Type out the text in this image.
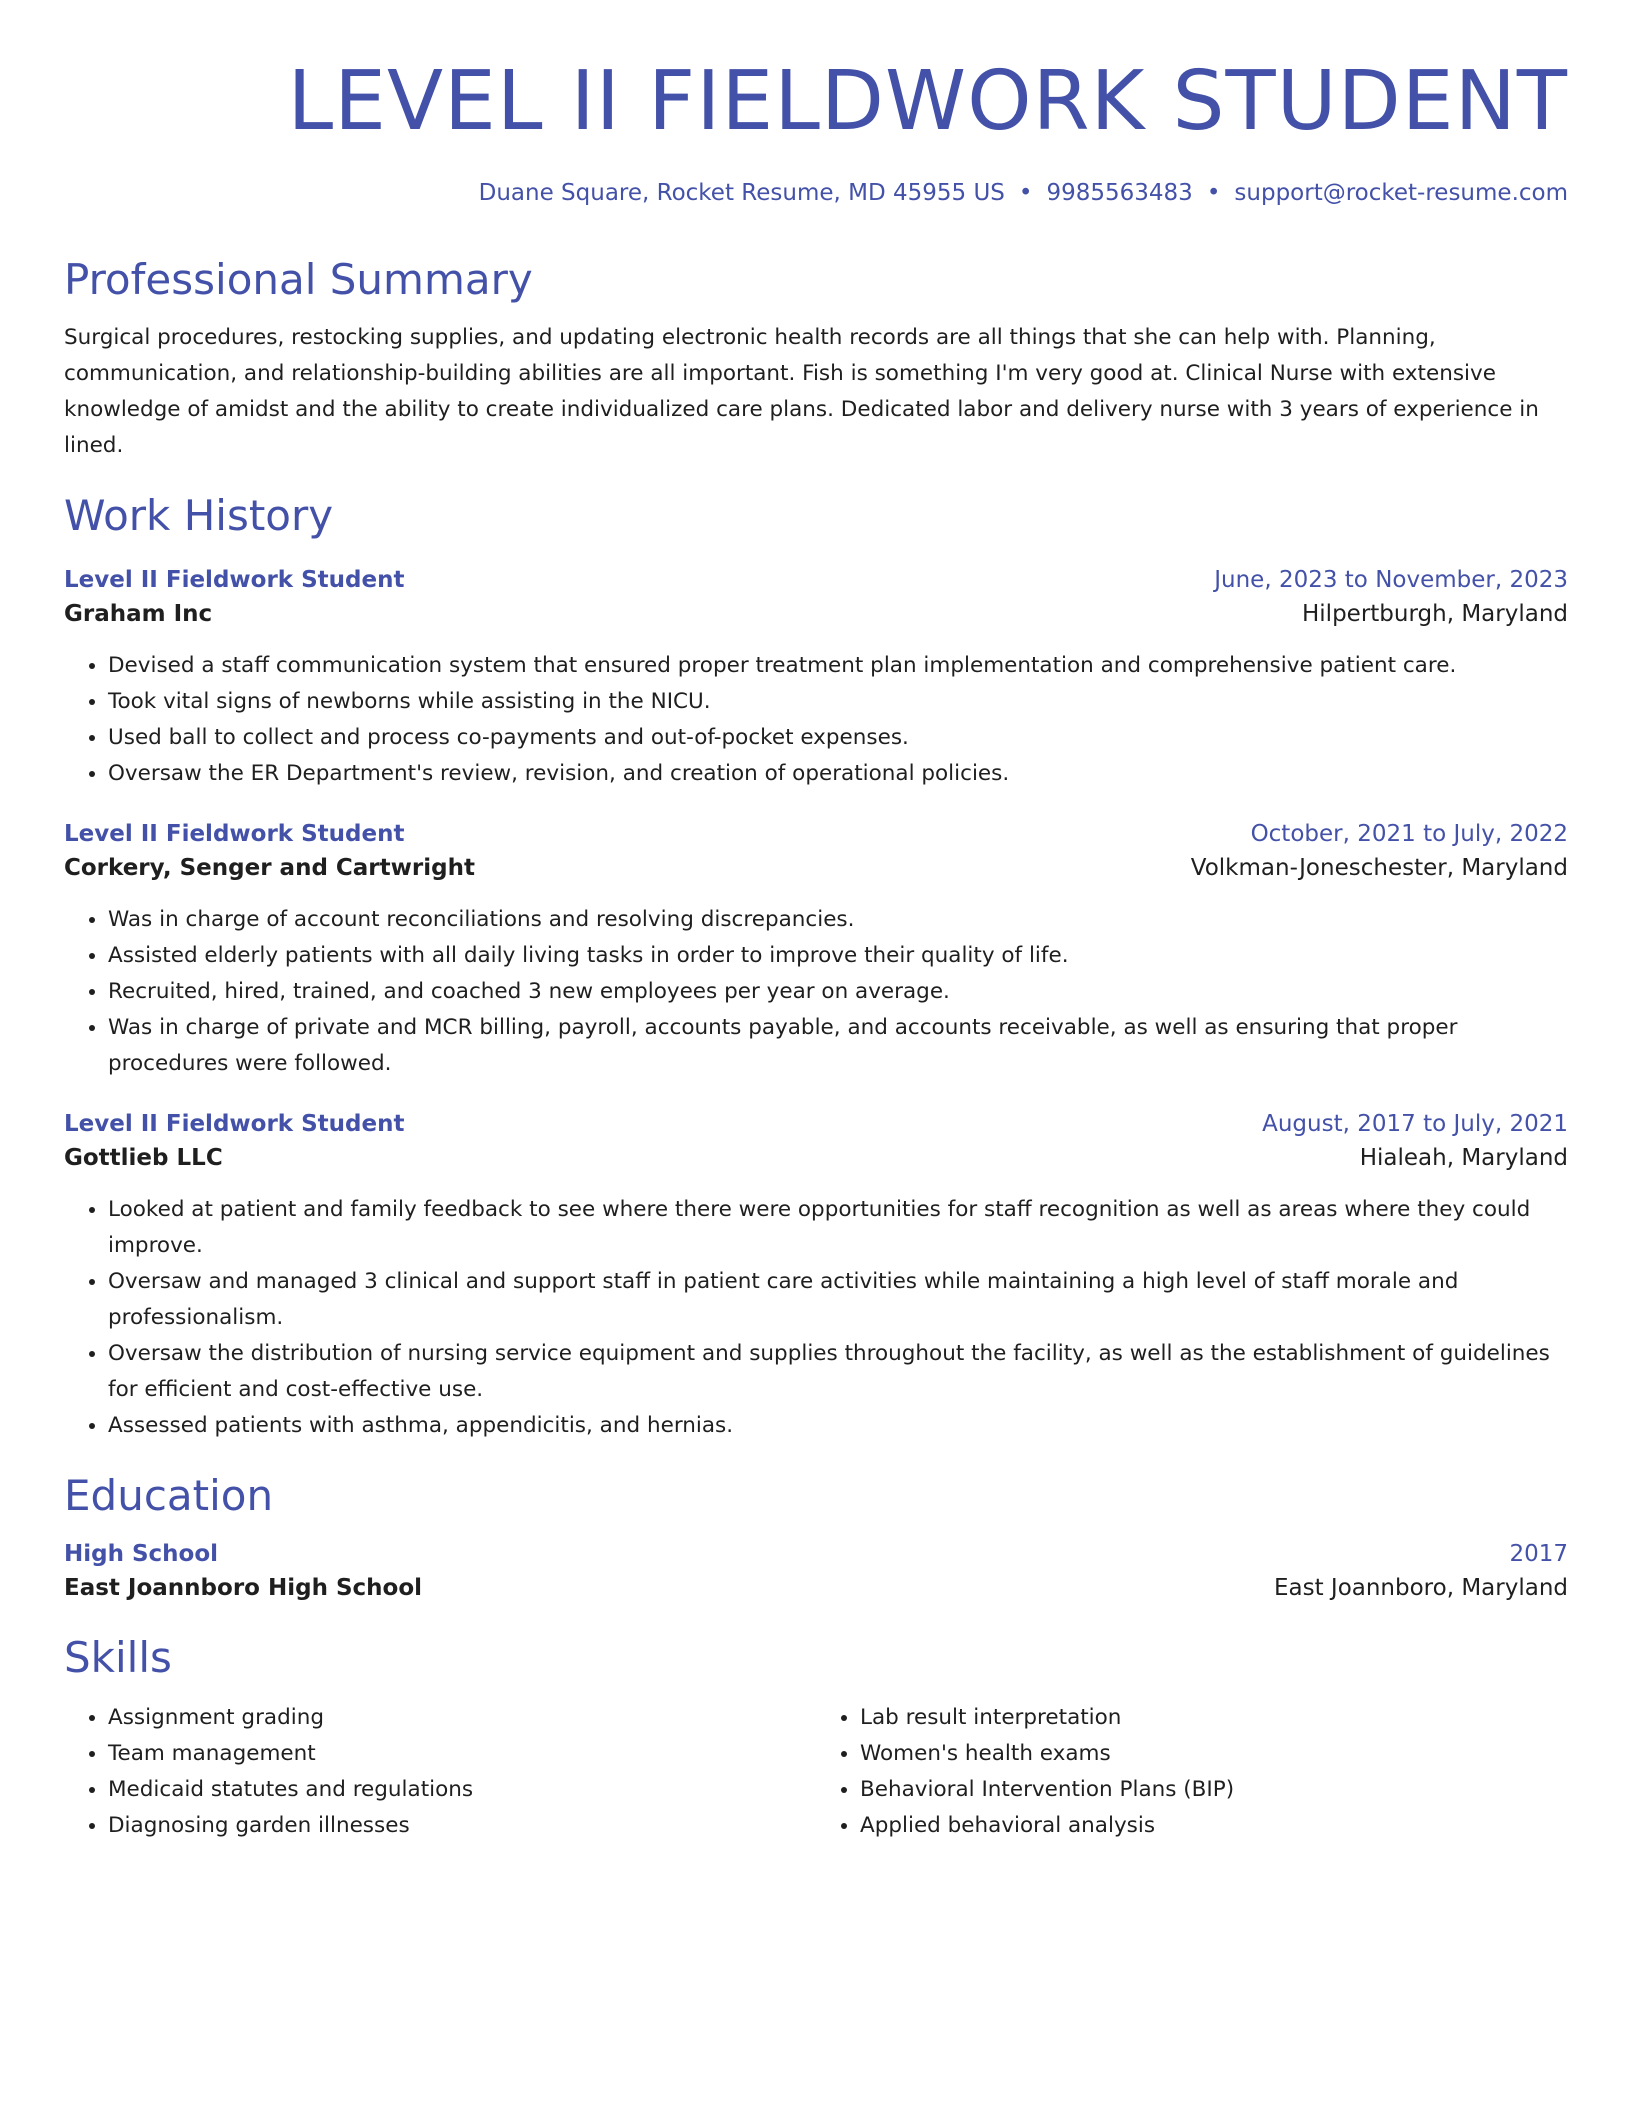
LEVEL II FIELDWORK STUDENT
Duane Square, Rocket Resume, MD 45955 US • 9985563483 • support@rocket-resume.com
Professional Summary
Surgical procedures, restocking supplies, and updating electronic health records are all things that she can help with. Planning, communication, and relationship-building abilities are all important. Fish is something I'm very good at. Clinical Nurse with extensive knowledge of amidst and the ability to create individualized care plans. Dedicated labor and delivery nurse with 3 years of experience in lined.
Work History
Level II Fieldwork Student	June, 2023 to November, 2023
Graham Inc	Hilpertburgh, Maryland
• Devised a staff communication system that ensured proper treatment plan implementation and comprehensive patient care.
• Took vital signs of newborns while assisting in the NICU.
• Used ball to collect and process co-payments and out-of-pocket expenses.
• Oversaw the ER Department's review, revision, and creation of operational policies.
Level II Fieldwork Student	October, 2021 to July, 2022
Corkery, Senger and Cartwright	Volkman-Joneschester, Maryland
• Was in charge of account reconciliations and resolving discrepancies.
• Assisted elderly patients with all daily living tasks in order to improve their quality of life.
• Recruited, hired, trained, and coached 3 new employees per year on average.
• Was in charge of private and MCR billing, payroll, accounts payable, and accounts receivable, as well as ensuring that proper procedures were followed.
Level II Fieldwork Student	August, 2017 to July, 2021
Gottlieb LLC	Hialeah, Maryland
• Looked at patient and family feedback to see where there were opportunities for staff recognition as well as areas where they could improve.
• Oversaw and managed 3 clinical and support staff in patient care activities while maintaining a high level of staff morale and professionalism.
• Oversaw the distribution of nursing service equipment and supplies throughout the facility, as well as the establishment of guidelines for efficient and cost-effective use.
• Assessed patients with asthma, appendicitis, and hernias.
Education
High School	2017
East Joannboro High School	East Joannboro, Maryland
Skills
• Assignment grading
• Team management
• Medicaid statutes and regulations
• Diagnosing garden illnesses
• Lab result interpretation
• Women's health exams
• Behavioral Intervention Plans (BIP)
• Applied behavioral analysis
